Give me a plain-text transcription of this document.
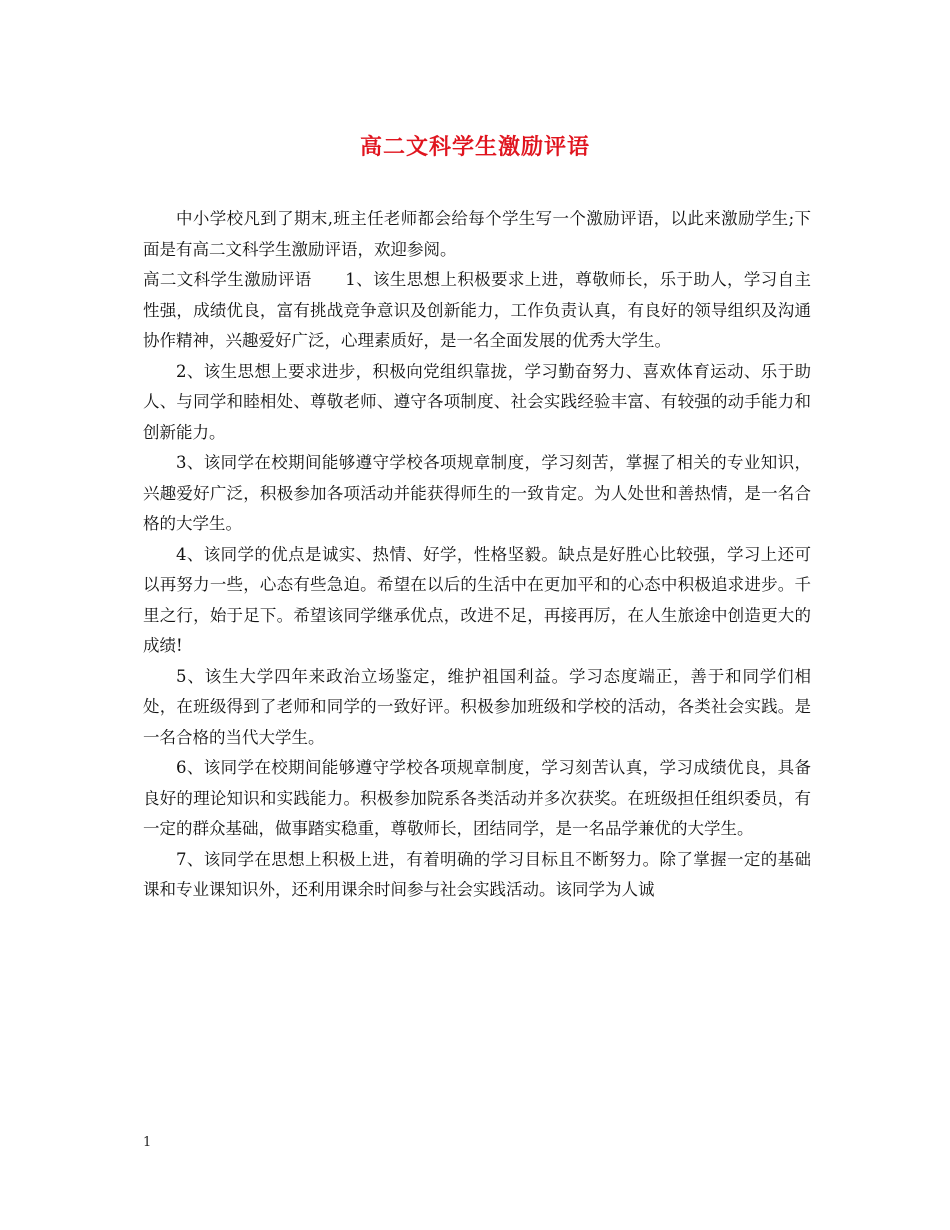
高二文科学生激励评语

中小学校凡到了期末,班主任老师都会给每个学生写一个激励评语，以此来激励学生;下面是有高二文科学生激励评语，欢迎参阅。

高二文科学生激励评语　　1、该生思想上积极要求上进，尊敬师长，乐于助人，学习自主性强，成绩优良，富有挑战竞争意识及创新能力，工作负责认真，有良好的领导组织及沟通协作精神，兴趣爱好广泛，心理素质好，是一名全面发展的优秀大学生。

2、该生思想上要求进步，积极向党组织靠拢，学习勤奋努力、喜欢体育运动、乐于助人、与同学和睦相处、尊敬老师、遵守各项制度、社会实践经验丰富、有较强的动手能力和创新能力。

3、该同学在校期间能够遵守学校各项规章制度，学习刻苦，掌握了相关的专业知识，兴趣爱好广泛，积极参加各项活动并能获得师生的一致肯定。为人处世和善热情，是一名合格的大学生。

4、该同学的优点是诚实、热情、好学，性格坚毅。缺点是好胜心比较强，学习上还可以再努力一些，心态有些急迫。希望在以后的生活中在更加平和的心态中积极追求进步。千里之行，始于足下。希望该同学继承优点，改进不足，再接再厉，在人生旅途中创造更大的成绩!

5、该生大学四年来政治立场鉴定，维护祖国利益。学习态度端正，善于和同学们相处，在班级得到了老师和同学的一致好评。积极参加班级和学校的活动，各类社会实践。是一名合格的当代大学生。

6、该同学在校期间能够遵守学校各项规章制度，学习刻苦认真，学习成绩优良，具备良好的理论知识和实践能力。积极参加院系各类活动并多次获奖。在班级担任组织委员，有一定的群众基础，做事踏实稳重，尊敬师长，团结同学，是一名品学兼优的大学生。

7、该同学在思想上积极上进，有着明确的学习目标且不断努力。除了掌握一定的基础课和专业课知识外，还利用课余时间参与社会实践活动。该同学为人诚

1
